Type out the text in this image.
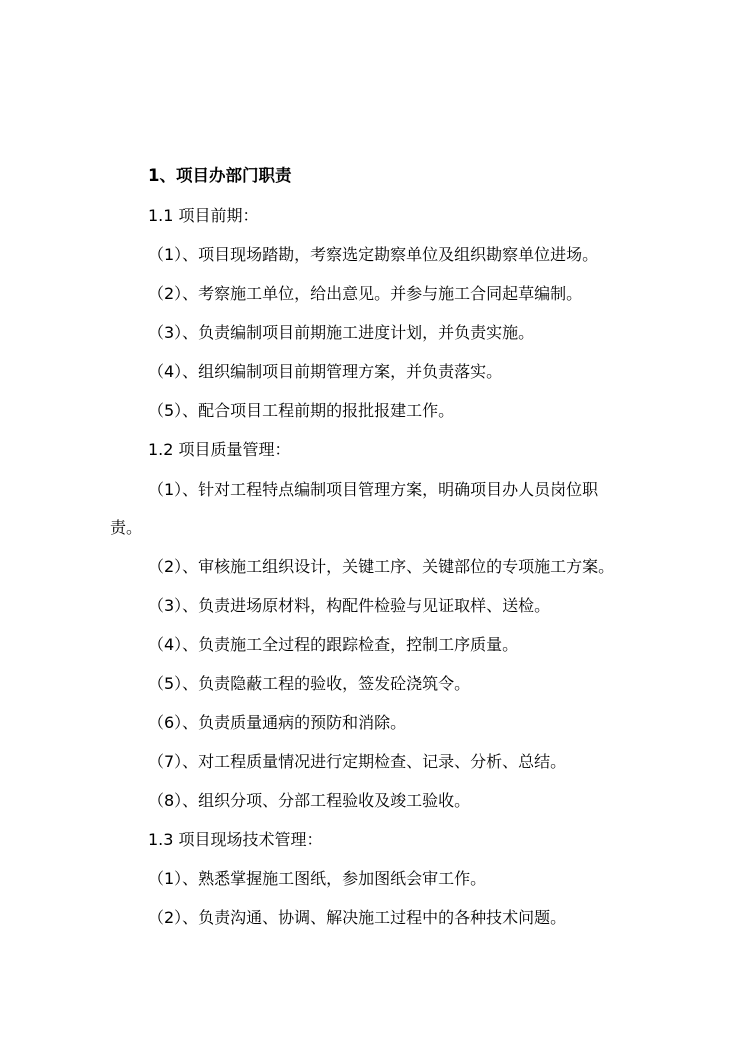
1、项目办部门职责
1.1 项目前期：
（1）、项目现场踏勘，考察选定勘察单位及组织勘察单位进场。
（2）、考察施工单位，给出意见。并参与施工合同起草编制。
（3）、负责编制项目前期施工进度计划，并负责实施。
（4）、组织编制项目前期管理方案，并负责落实。
（5）、配合项目工程前期的报批报建工作。
1.2 项目质量管理：
（1）、针对工程特点编制项目管理方案，明确项目办人员岗位职
责。
（2）、审核施工组织设计，关键工序、关键部位的专项施工方案。
（3）、负责进场原材料，构配件检验与见证取样、送检。
（4）、负责施工全过程的跟踪检查，控制工序质量。
（5）、负责隐蔽工程的验收，签发砼浇筑令。
（6）、负责质量通病的预防和消除。
（7）、对工程质量情况进行定期检查、记录、分析、总结。
（8）、组织分项、分部工程验收及竣工验收。
1.3 项目现场技术管理：
（1）、熟悉掌握施工图纸，参加图纸会审工作。
（2）、负责沟通、协调、解决施工过程中的各种技术问题。
